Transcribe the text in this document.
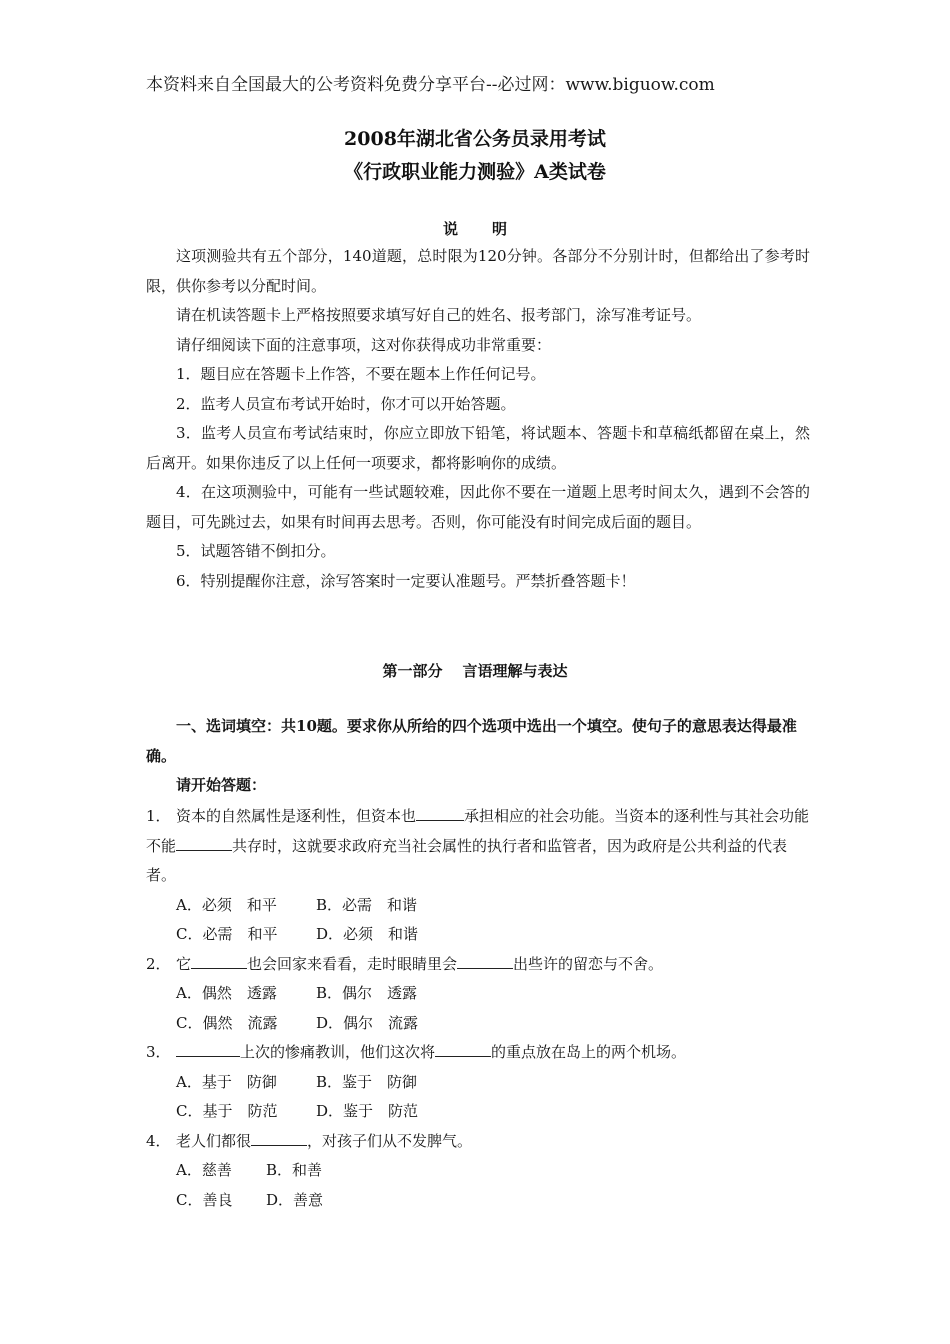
本资料来自全国最大的公考资料免费分享平台--必过网：www.biguow.com
2008年湖北省公务员录用考试
《行政职业能力测验》A类试卷
说 明

这项测验共有五个部分，140道题，总时限为120分钟。各部分不分别计时，但都给出了参考时限，供你参考以分配时间。

请在机读答题卡上严格按照要求填写好自己的姓名、报考部门，涂写准考证号。

请仔细阅读下面的注意事项，这对你获得成功非常重要：

1．题目应在答题卡上作答，不要在题本上作任何记号。

2．监考人员宣布考试开始时，你才可以开始答题。

3．监考人员宣布考试结束时，你应立即放下铅笔，将试题本、答题卡和草稿纸都留在桌上，然后离开。如果你违反了以上任何一项要求，都将影响你的成绩。

4．在这项测验中，可能有一些试题较难，因此你不要在一道题上思考时间太久，遇到不会答的题目，可先跳过去，如果有时间再去思考。否则，你可能没有时间完成后面的题目。

5．试题答错不倒扣分。

6．特别提醒你注意，涂写答案时一定要认准题号。严禁折叠答题卡！

第一部分 言语理解与表达

一、选词填空：共10题。要求你从所给的四个选项中选出一个填空。使句子的意思表达得最准确。

请开始答题：

1． 资本的自然属性是逐利性，但资本也	承担相应的社会功能。当资本的逐利性与其社会功能不能	共存时，这就要求政府充当社会属性的执行者和监管者，因为政府是公共利益的代表者。

A．必须　和平	B．必需　和谐

C．必需　和平	D．必须　和谐

2． 它	也会回家来看看，走时眼睛里会	出些许的留恋与不舍。

A．偶然　透露	B．偶尔　透露

C．偶然　流露	D．偶尔　流露

3．	上次的惨痛教训，他们这次将	的重点放在岛上的两个机场。

A．基于　防御	B．鉴于　防御

C．基于　防范	D．鉴于　防范

4． 老人们都很	，对孩子们从不发脾气。

A．慈善 B．和善

C．善良 D．善意
